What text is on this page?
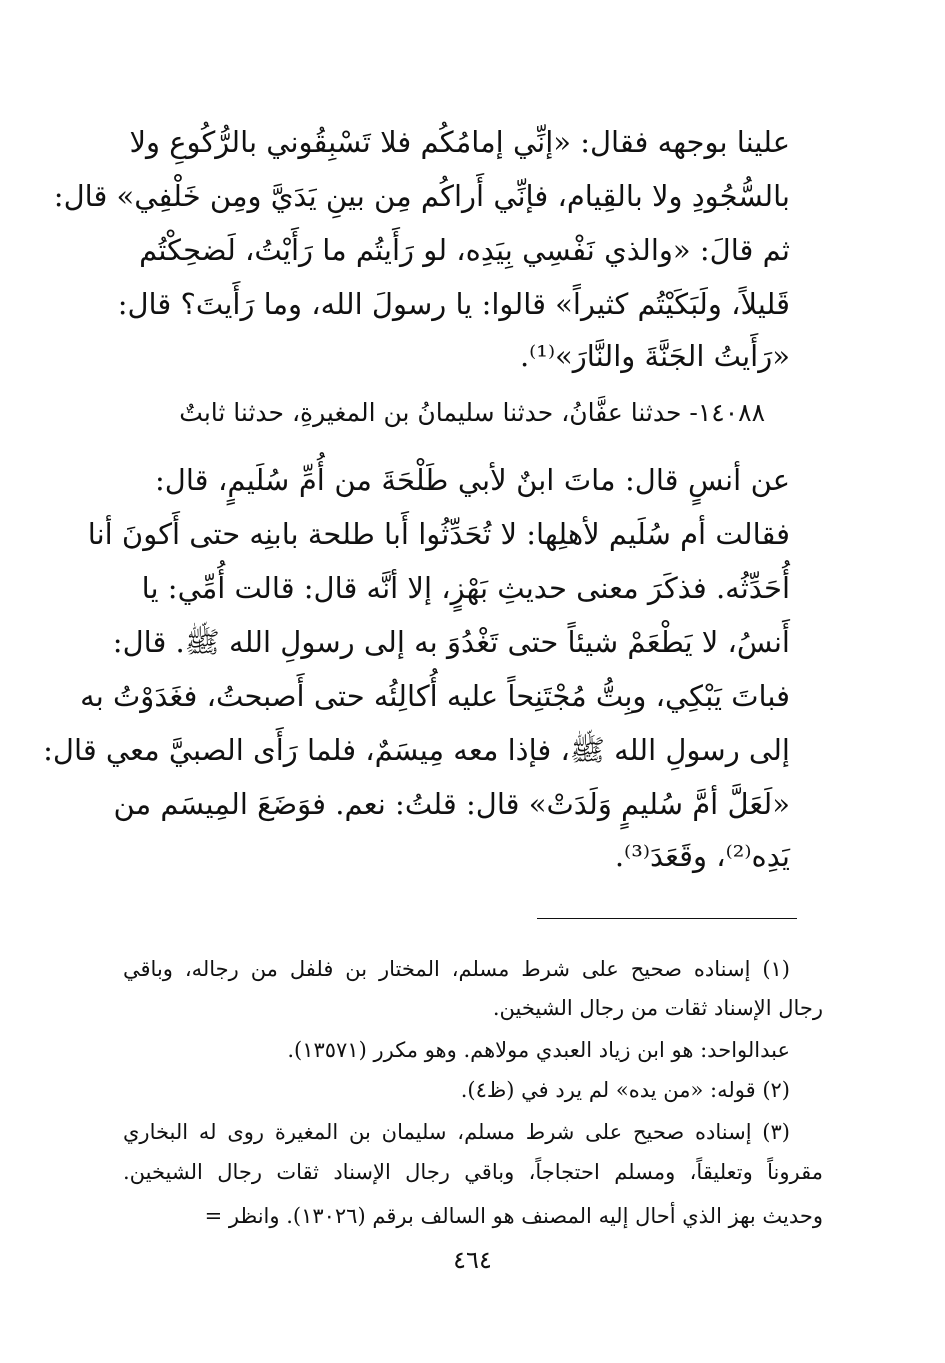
علينا بوجهه فقال: «إنِّي إمامُكُم فلا تَسْبِقُوني بالرُّكُوعِ ولا
بالسُّجُودِ ولا بالقِيام، فإنِّي أَراكُم مِن بينِ يَدَيَّ ومِن خَلْفِي» قال:
ثم قالَ: «والذي نَفْسِي بِيَدِه، لو رَأَيتُم ما رَأَيْتُ، لَضحِكْتُم
قَليلاً، ولَبَكَيْتُم كثيراً» قالوا: يا رسولَ الله، وما رَأَيتَ؟ قال:
«رَأَيتُ الجَنَّةَ والنَّارَ»⁽¹⁾.
١٤٠٨٨- حدثنا عفَّانُ، حدثنا سليمانُ بن المغيرةِ، حدثنا ثابتٌ
عن أنسٍ قال: ماتَ ابنٌ لأبي طَلْحَةَ من أُمِّ سُلَيمٍ، قال:
فقالت أم سُلَيم لأهلِها: لا تُحَدِّثُوا أَبا طلحة بابنِه حتى أَكونَ أنا
أُحَدِّثُه. فذكَرَ معنى حديثِ بَهْزٍ، إلا أنَّه قال: قالت أُمِّي: يا
أَنسُ، لا يَطْعَمْ شيئاً حتى تَغْدُوَ به إلى رسولِ الله ﷺ. قال:
فباتَ يَبْكِي، وبِتُّ مُجْتَنِحاً عليه أُكالِئُه حتى أَصبحتُ، فغَدَوْتُ به
إلى رسولِ الله ﷺ، فإذا معه مِيسَمٌ، فلما رَأَى الصبيَّ معي قال:
«لَعَلَّ أمَّ سُليمٍ وَلَدَتْ» قال: قلتُ: نعم. فوَضَعَ المِيسَم من
يَدِه⁽²⁾، وقَعَدَ⁽³⁾.
(١) إسناده صحيح على شرط مسلم، المختار بن فلفل من رجاله، وباقي
رجال الإسناد ثقات من رجال الشيخين.
عبدالواحد: هو ابن زياد العبدي مولاهم. وهو مكرر (١٣٥٧١).
(٢) قوله: «من يده» لم يرد في (ظ٤).
(٣) إسناده صحيح على شرط مسلم، سليمان بن المغيرة روى له البخاري
مقروناً وتعليقاً، ومسلم احتجاجاً، وباقي رجال الإسناد ثقات رجال الشيخين.
وحديث بهز الذي أحال إليه المصنف هو السالف برقم (١٣٠٢٦). وانظر =
٤٦٤
